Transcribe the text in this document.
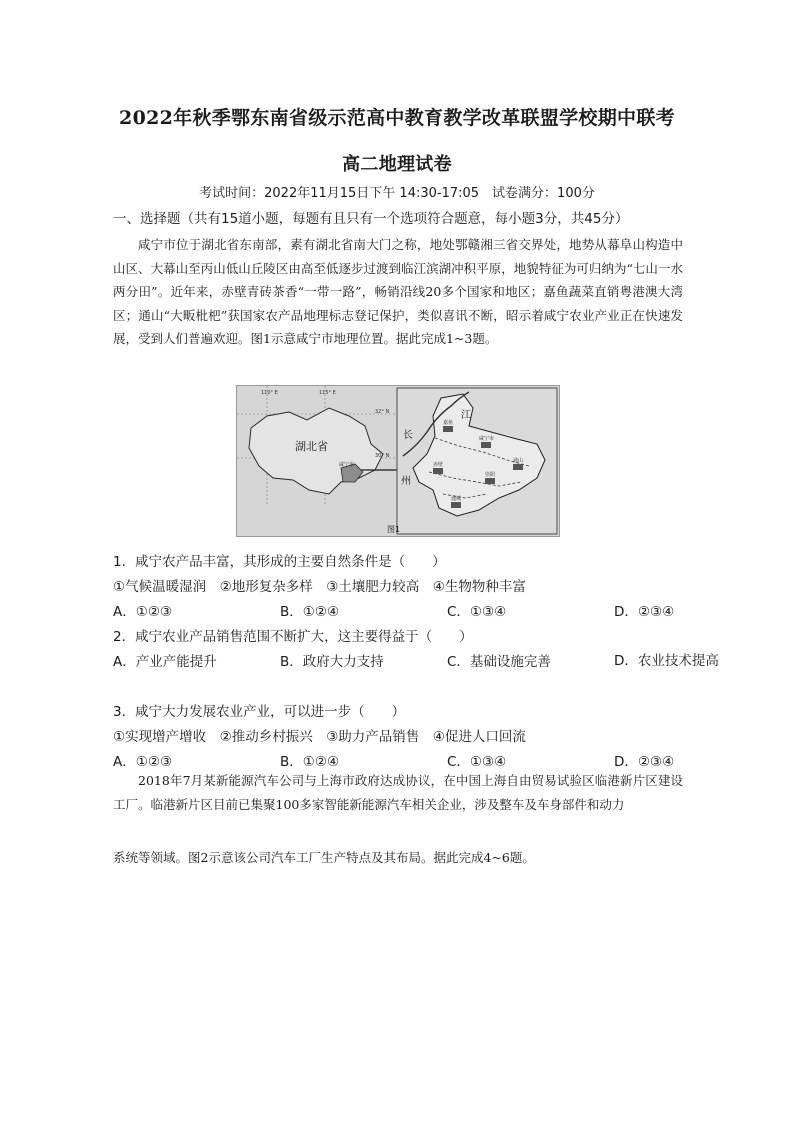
2022年秋季鄂东南省级示范高中教育教学改革联盟学校期中联考
高二地理试卷
考试时间：2022年11月15日下午 14:30-17:05　试卷满分：100分
一、选择题（共有15道小题，每题有且只有一个选项符合题意，每小题3分，共45分）
咸宁市位于湖北省东南部，素有湖北省南大门之称，地处鄂赣湘三省交界处，地势从幕阜山构造中山区、大幕山至丙山低山丘陵区由高至低逐步过渡到临江滨湖冲积平原，地貌特征为可归纳为“七山一水两分田”。近年来，赤壁青砖茶香“一带一路”，畅销沿线20多个国家和地区；嘉鱼蔬菜直销粤港澳大湾区；通山“大畈枇杷”获国家农产品地理标志登记保护，类似喜讯不断，昭示着咸宁农业产业正在快速发展，受到人们普遍欢迎。图1示意咸宁市地理位置。据此完成1~3题。
湖北省
咸宁市
110° E	115° E
32° N
30° N
长
江
州
嘉鱼
咸宁市
赤壁
崇阳
通山
通城
图1
1．咸宁农产品丰富，其形成的主要自然条件是（　　）
①气候温暖湿润　②地形复杂多样　③土壤肥力较高　④生物物种丰富
A．①②③	B．①②④	C．①③④	D．②③④
2．咸宁农业产品销售范围不断扩大，这主要得益于（　　）
A．产业产能提升	B．政府大力支持	C．基础设施完善	D．农业技术提高
3．咸宁大力发展农业产业，可以进一步（　　）
①实现增产增收　②推动乡村振兴　③助力产品销售　④促进人口回流
A．①②③	B．①②④	C．①③④	D．②③④
2018年7月某新能源汽车公司与上海市政府达成协议，在中国上海自由贸易试验区临港新片区建设工厂。临港新片区目前已集聚100多家智能新能源汽车相关企业，涉及整车及车身部件和动力
系统等领域。图2示意该公司汽车工厂生产特点及其布局。据此完成4~6题。
